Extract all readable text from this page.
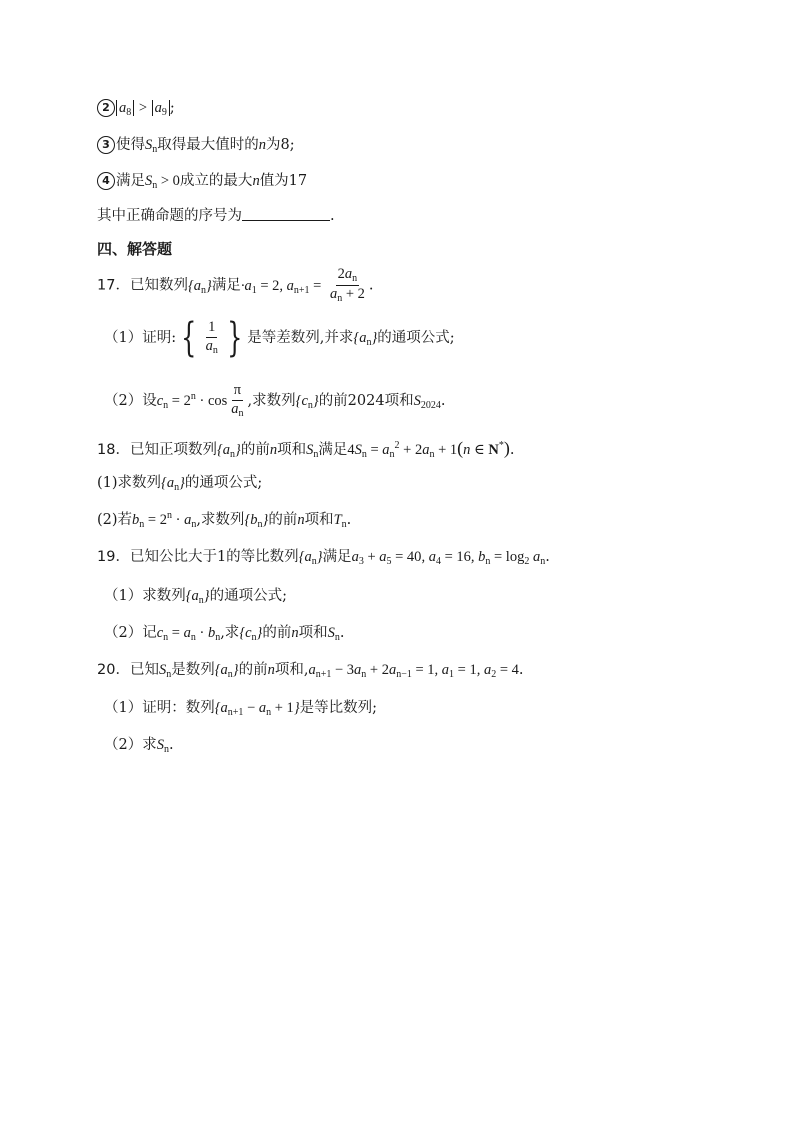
2 $a_8 > a_9$ ;
3 使得$S_n$取得最大值时的n为8;
4 满足$S_n > 0$成立的最大n值为17
其中正确命题的序号为	.
四、解答题
17．已知数列$\{a_n\}$满足$\cdot a_1 = 2$, $a_{n+1} = \frac{2a_n}{a_n + 2}$ .
（1）证明: { $\frac{1}{a_n}$ } 是等差数列,并求$\{a_n\}$的通项公式;
（2）设$c_n = 2^n \cdot \cos \frac{\pi}{a_n}$ ,求数列$\{c_n\}$的前2024项和$S_{2024}$.
18．已知正项数列$\{a_n\}$的前n项和$S_n$满足$4S_n = a_n^2 + 2a_n + 1(n$ ∈ N*).
(1)求数列$\{a_n\}$的通项公式;
(2)若$b_n = 2^n \cdot a_n$,求数列$\{b_n\}$的前n项和$T_n$.
19．已知公比大于1的等比数列$\{a_n\}$满足$a_3 + a_5 = 40$, $a_4 = 16$, $b_n = \log_2 a_n$.
（1）求数列$\{a_n\}$的通项公式;
（2）记$c_n = a_n \cdot b_n$,求$\{c_n\}$的前n项和$S_n$.
20．已知$S_n$是数列$\{a_n\}$的前n项和$,a_{n+1} - 3a_n + 2a_{n-1} = 1$, $a_1 = 1$, $a_2 = 4$.
（1）证明：数列$\{a_{n+1} - a_n + 1\}$是等比数列;
（2）求$S_n$.
